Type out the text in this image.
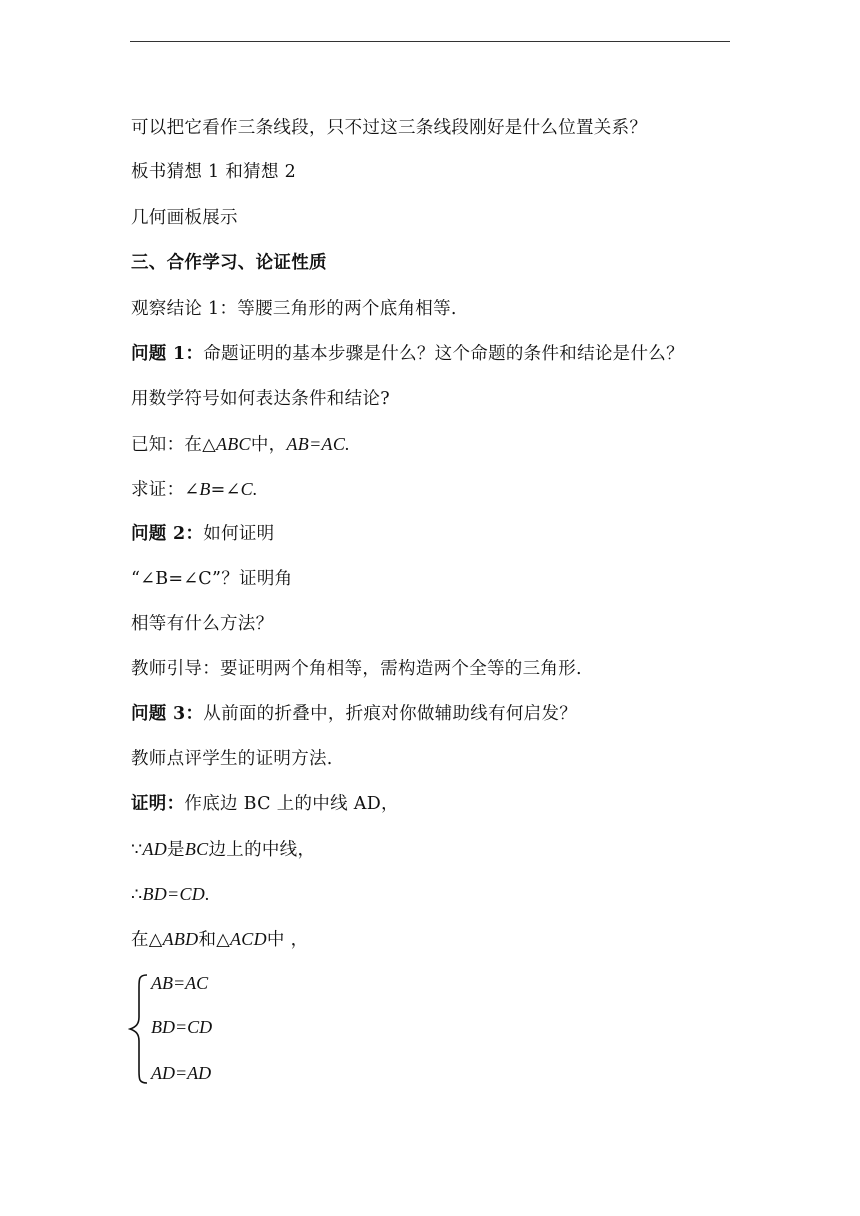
可以把它看作三条线段，只不过这三条线段刚好是什么位置关系？
板书猜想 1 和猜想 2
几何画板展示
三、合作学习、论证性质
观察结论 1：等腰三角形的两个底角相等.
问题 1：命题证明的基本步骤是什么？这个命题的条件和结论是什么？
用数学符号如何表达条件和结论?
已知：在△ABC中，AB=AC.
求证：∠B=∠C.
问题 2：如何证明
“∠B=∠C”？证明角
相等有什么方法？
教师引导：要证明两个角相等，需构造两个全等的三角形.
问题 3：从前面的折叠中，折痕对你做辅助线有何启发？
教师点评学生的证明方法.
证明：作底边 BC 上的中线 AD，
∵AD是BC边上的中线，
∴BD=CD.
在△ABD和△ACD中 ，
AB=AC
BD=CD
AD=AD
